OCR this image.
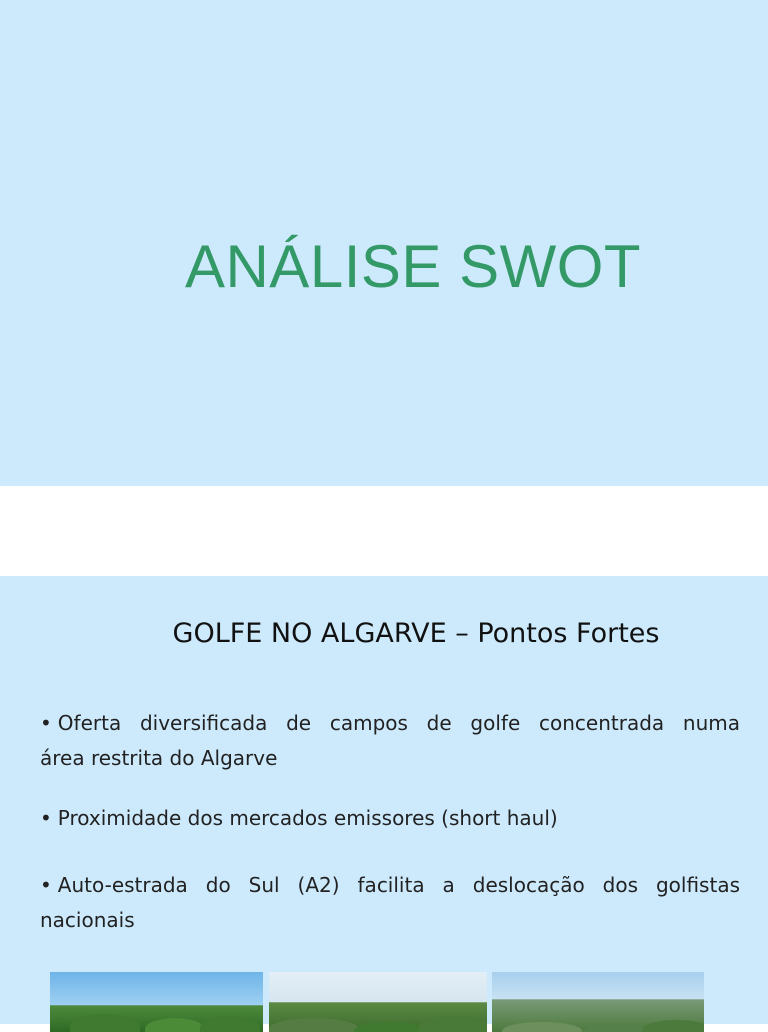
ANÁLISE SWOT
GOLFE NO ALGARVE – Pontos Fortes
• Oferta diversificada de campos de golfe concentrada numa
área restrita do Algarve
• Proximidade dos mercados emissores (short haul)
• Auto-estrada do Sul (A2) facilita a deslocação dos golfistas
nacionais
